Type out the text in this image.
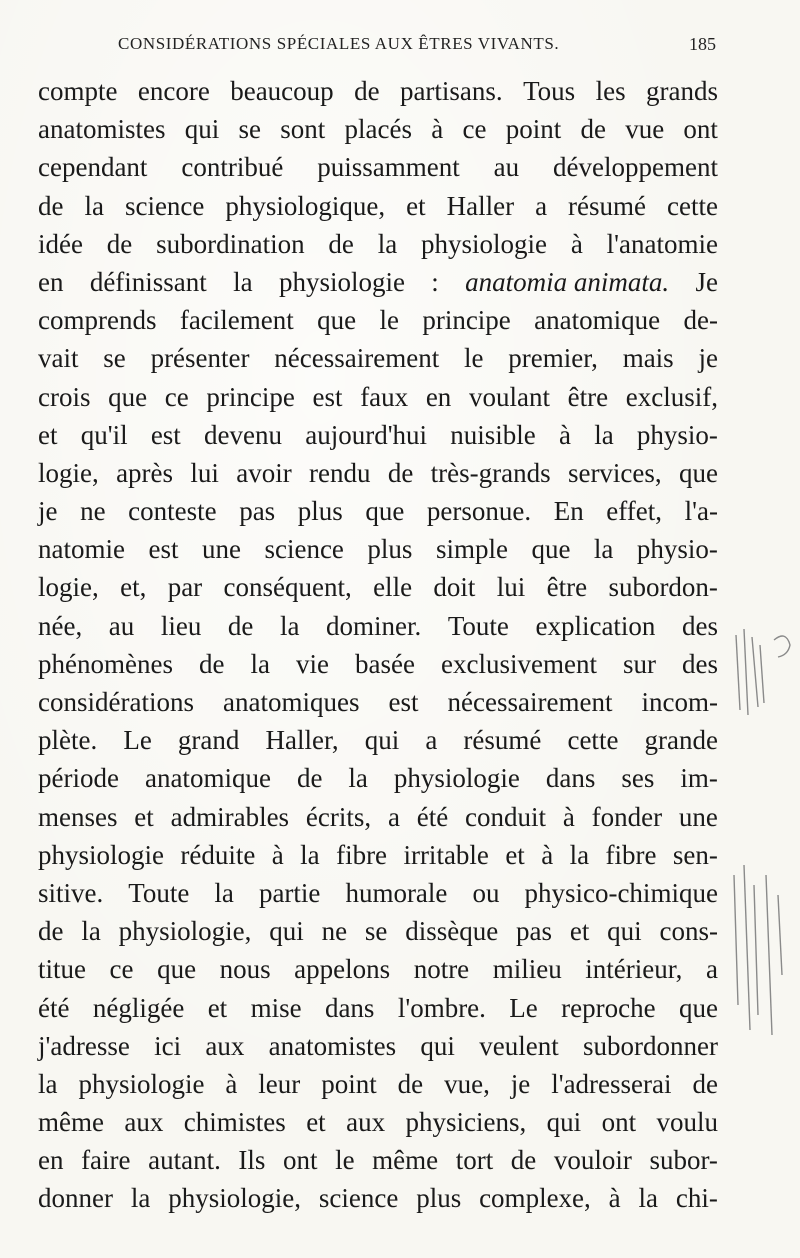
CONSIDÉRATIONS SPÉCIALES AUX ÊTRES VIVANTS.	185
compte encore beaucoup de partisans. Tous les grands
anatomistes qui se sont placés à ce point de vue ont
cependant contribué puissamment au développement
de la science physiologique, et Haller a résumé cette
idée de subordination de la physiologie à l'anatomie
en définissant la physiologie : anatomia animata. Je
comprends facilement que le principe anatomique de-
vait se présenter nécessairement le premier, mais je
crois que ce principe est faux en voulant être exclusif,
et qu'il est devenu aujourd'hui nuisible à la physio-
logie, après lui avoir rendu de très-grands services, que
je ne conteste pas plus que personue. En effet, l'a-
natomie est une science plus simple que la physio-
logie, et, par conséquent, elle doit lui être subordon-
née, au lieu de la dominer. Toute explication des
phénomènes de la vie basée exclusivement sur des
considérations anatomiques est nécessairement incom-
plète. Le grand Haller, qui a résumé cette grande
période anatomique de la physiologie dans ses im-
menses et admirables écrits, a été conduit à fonder une
physiologie réduite à la fibre irritable et à la fibre sen-
sitive. Toute la partie humorale ou physico-chimique
de la physiologie, qui ne se dissèque pas et qui cons-
titue ce que nous appelons notre milieu intérieur, a
été négligée et mise dans l'ombre. Le reproche que
j'adresse ici aux anatomistes qui veulent subordonner
la physiologie à leur point de vue, je l'adresserai de
même aux chimistes et aux physiciens, qui ont voulu
en faire autant. Ils ont le même tort de vouloir subor-
donner la physiologie, science plus complexe, à la chi-
